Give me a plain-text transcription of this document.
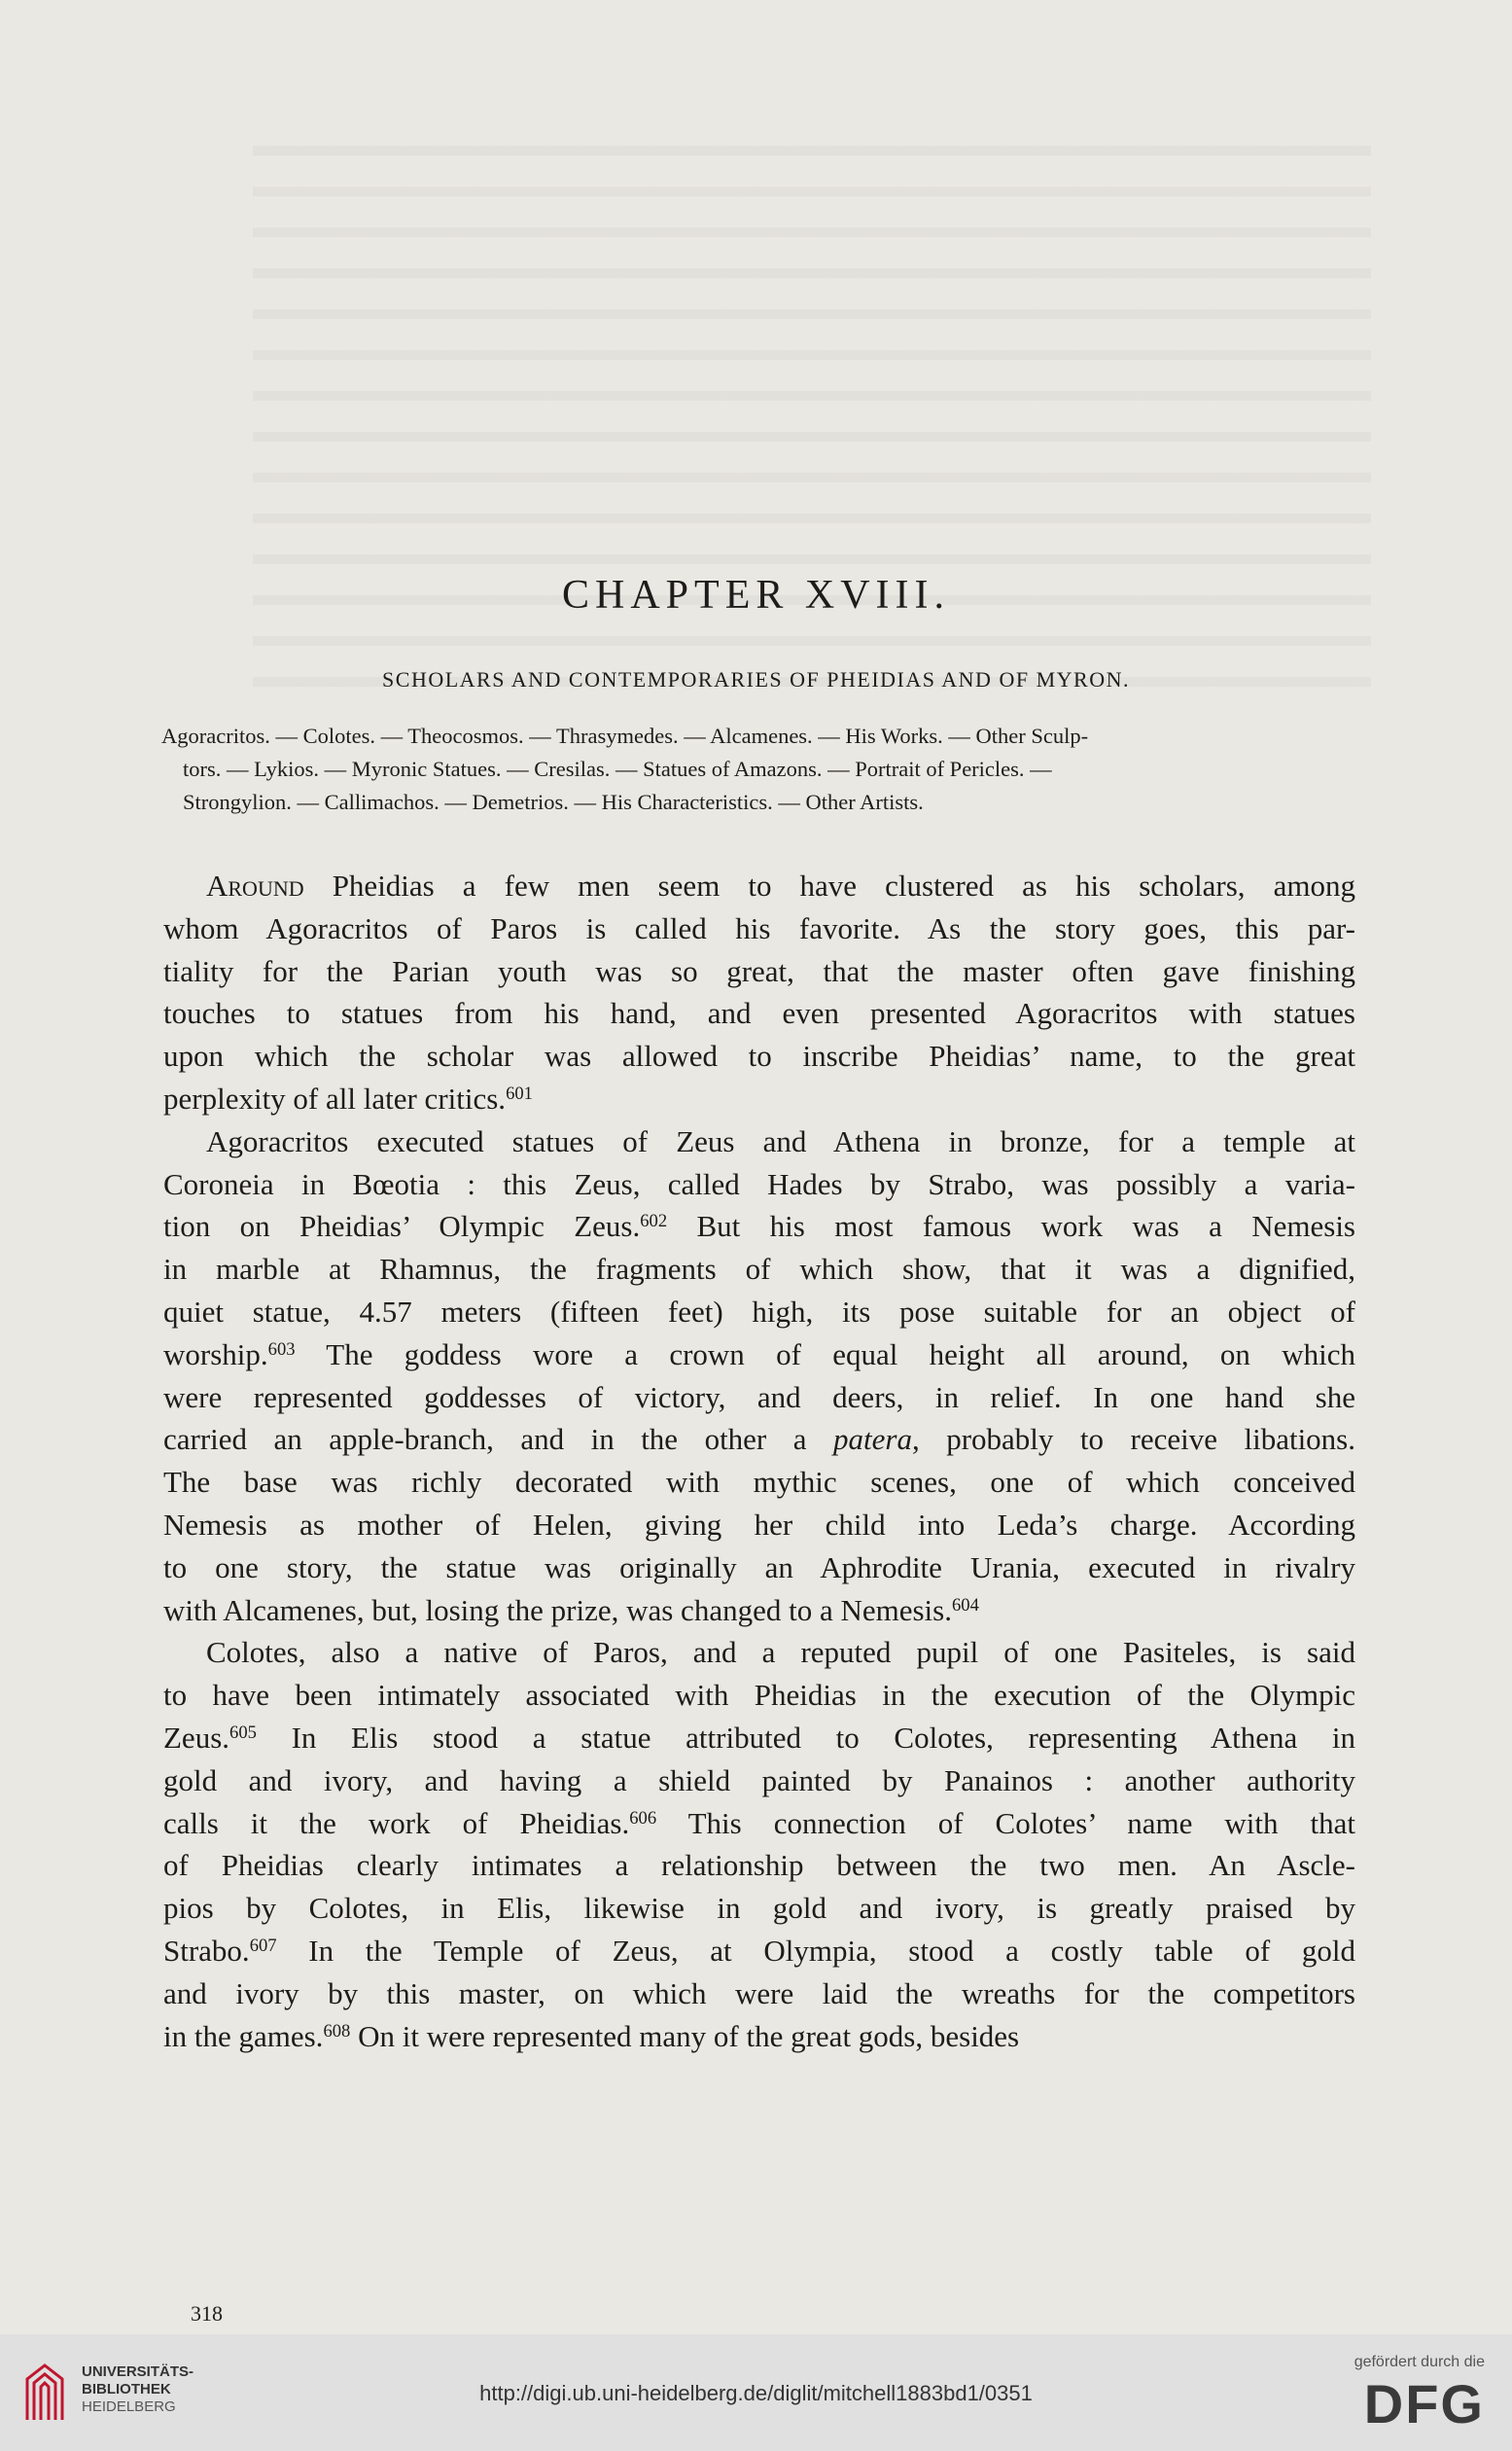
CHAPTER XVIII.
SCHOLARS AND CONTEMPORARIES OF PHEIDIAS AND OF MYRON.
Agoracritos. — Colotes. — Theocosmos. — Thrasymedes. — Alcamenes. — His Works. — Other Sculp-
tors. — Lykios. — Myronic Statues. — Cresilas. — Statues of Amazons. — Portrait of Pericles. —
Strongylion. — Callimachos. — Demetrios. — His Characteristics. — Other Artists.

Around Pheidias a few men seem to have clustered as his scholars, among
whom Agoracritos of Paros is called his favorite. As the story goes, this par-
tiality for the Parian youth was so great, that the master often gave finishing
touches to statues from his hand, and even presented Agoracritos with statues
upon which the scholar was allowed to inscribe Pheidias’ name, to the great
perplexity of all later critics.$^{601}$

Agoracritos executed statues of Zeus and Athena in bronze, for a temple at
Coroneia in Bœotia : this Zeus, called Hades by Strabo, was possibly a varia-
tion on Pheidias’ Olympic Zeus.$^{602}$ But his most famous work was a Nemesis
in marble at Rhamnus, the fragments of which show, that it was a dignified,
quiet statue, 4.57 meters (fifteen feet) high, its pose suitable for an object of
worship.$^{603}$ The goddess wore a crown of equal height all around, on which
were represented goddesses of victory, and deers, in relief. In one hand she
carried an apple-branch, and in the other a patera, probably to receive libations.
The base was richly decorated with mythic scenes, one of which conceived
Nemesis as mother of Helen, giving her child into Leda’s charge. According
to one story, the statue was originally an Aphrodite Urania, executed in rivalry
with Alcamenes, but, losing the prize, was changed to a Nemesis.$^{604}$

Colotes, also a native of Paros, and a reputed pupil of one Pasiteles, is said
to have been intimately associated with Pheidias in the execution of the Olympic
Zeus.$^{605}$ In Elis stood a statue attributed to Colotes, representing Athena in
gold and ivory, and having a shield painted by Panainos : another authority
calls it the work of Pheidias.$^{606}$ This connection of Colotes’ name with that
of Pheidias clearly intimates a relationship between the two men. An Ascle-
pios by Colotes, in Elis, likewise in gold and ivory, is greatly praised by
Strabo.$^{607}$ In the Temple of Zeus, at Olympia, stood a costly table of gold
and ivory by this master, on which were laid the wreaths for the competitors
in the games.$^{608}$ On it were represented many of the great gods, besides

318
UNIVERSITÄTS-
BIBLIOTHEK
HEIDELBERG
http://digi.ub.uni-heidelberg.de/diglit/mitchell1883bd1/0351
gefördert durch die
DFG
